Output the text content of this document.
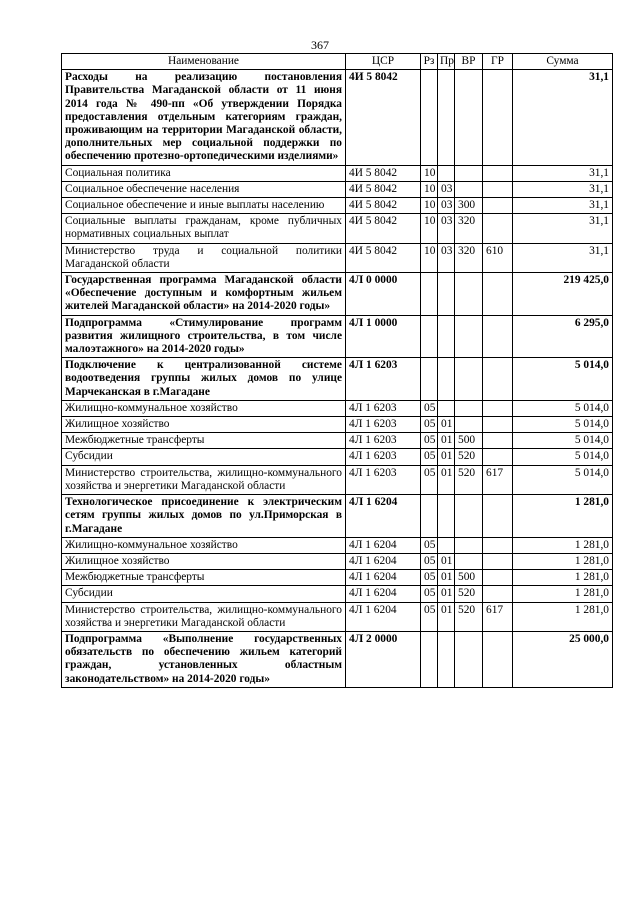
367
Наименование	ЦСР	Рз	Пр	ВР	ГР	Сумма
Расходы на реализацию постановления Правительства Магаданской области от 11 июня 2014 года № 490-пп «Об утверждении Порядка предоставления отдельным категориям граждан, проживающим на территории Магаданской области, дополнительных мер социальной поддержки по обеспечению протезно-ортопедическими изделиями»	4И 5 8042					31,1
Социальная политика	4И 5 8042	10				31,1
Социальное обеспечение населения	4И 5 8042	10	03			31,1
Социальное обеспечение и иные выплаты населению	4И 5 8042	10	03	300		31,1
Социальные выплаты гражданам, кроме публичных нормативных социальных выплат	4И 5 8042	10	03	320		31,1
Министерство труда и социальной политики Магаданской области	4И 5 8042	10	03	320	610	31,1
Государственная программа Магаданской области «Обеспечение доступным и комфортным жильем жителей Магаданской области» на 2014-2020 годы»	4Л 0 0000					219 425,0
Подпрограмма «Стимулирование программ развития жилищного строительства, в том числе малоэтажного» на 2014-2020 годы»	4Л 1 0000					6 295,0
Подключение к централизованной системе водоотведения группы жилых домов по улице Марчеканская в г.Магадане	4Л 1 6203					5 014,0
Жилищно-коммунальное хозяйство	4Л 1 6203	05				5 014,0
Жилищное хозяйство	4Л 1 6203	05	01			5 014,0
Межбюджетные трансферты	4Л 1 6203	05	01	500		5 014,0
Субсидии	4Л 1 6203	05	01	520		5 014,0
Министерство строительства, жилищно-коммунального хозяйства и энергетики Магаданской области	4Л 1 6203	05	01	520	617	5 014,0
Технологическое присоединение к электрическим сетям группы жилых домов по ул.Приморская в г.Магадане	4Л 1 6204					1 281,0
Жилищно-коммунальное хозяйство	4Л 1 6204	05				1 281,0
Жилищное хозяйство	4Л 1 6204	05	01			1 281,0
Межбюджетные трансферты	4Л 1 6204	05	01	500		1 281,0
Субсидии	4Л 1 6204	05	01	520		1 281,0
Министерство строительства, жилищно-коммунального хозяйства и энергетики Магаданской области	4Л 1 6204	05	01	520	617	1 281,0
Подпрограмма «Выполнение государственных обязательств по обеспечению жильем категорий граждан, установленных областным законодательством» на 2014-2020 годы»	4Л 2 0000					25 000,0
